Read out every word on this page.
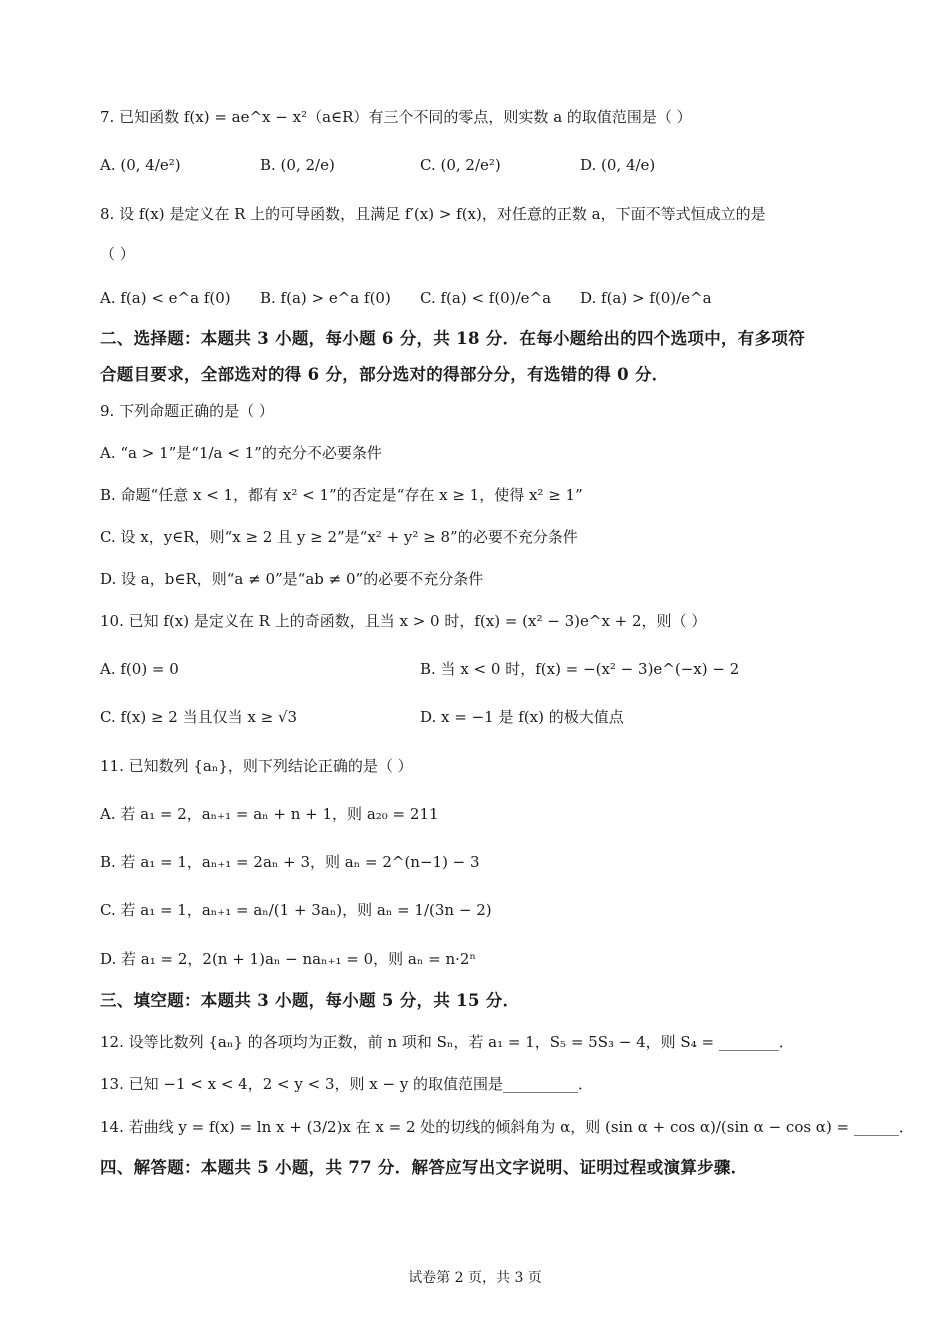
7. 已知函数 f(x) = ae^x − x²（a∈R）有三个不同的零点，则实数 a 的取值范围是（ ）
A. (0, 4/e²)	B. (0, 2/e)	C. (0, 2/e²)	D. (0, 4/e)
8. 设 f(x) 是定义在 R 上的可导函数，且满足 f′(x) > f(x)，对任意的正数 a，下面不等式恒成立的是
（ ）
A. f(a) < e^a f(0) B. f(a) > e^a f(0) C. f(a) < f(0)/e^a D. f(a) > f(0)/e^a
二、选择题：本题共 3 小题，每小题 6 分，共 18 分．在每小题给出的四个选项中，有多项符
合题目要求，全部选对的得 6 分，部分选对的得部分分，有选错的得 0 分．
9. 下列命题正确的是（ ）
A. “a > 1”是“1/a < 1”的充分不必要条件
B. 命题“任意 x < 1，都有 x² < 1”的否定是“存在 x ≥ 1，使得 x² ≥ 1”
C. 设 x，y∈R，则“x ≥ 2 且 y ≥ 2”是“x² + y² ≥ 8”的必要不充分条件
D. 设 a，b∈R，则“a ≠ 0”是“ab ≠ 0”的必要不充分条件
10. 已知 f(x) 是定义在 R 上的奇函数，且当 x > 0 时，f(x) = (x² − 3)e^x + 2，则（ ）
A. f(0) = 0	B. 当 x < 0 时，f(x) = −(x² − 3)e^(−x) − 2
C. f(x) ≥ 2 当且仅当 x ≥ √3	D. x = −1 是 f(x) 的极大值点
11. 已知数列 {aₙ}，则下列结论正确的是（ ）
A. 若 a₁ = 2，aₙ₊₁ = aₙ + n + 1，则 a₂₀ = 211
B. 若 a₁ = 1，aₙ₊₁ = 2aₙ + 3，则 aₙ = 2^(n−1) − 3
C. 若 a₁ = 1，aₙ₊₁ = aₙ/(1 + 3aₙ)，则 aₙ = 1/(3n − 2)
D. 若 a₁ = 2，2(n + 1)aₙ − naₙ₊₁ = 0，则 aₙ = n·2ⁿ
三、填空题：本题共 3 小题，每小题 5 分，共 15 分．
12. 设等比数列 {aₙ} 的各项均为正数，前 n 项和 Sₙ，若 a₁ = 1，S₅ = 5S₃ − 4，则 S₄ = ________．
13. 已知 −1 < x < 4，2 < y < 3，则 x − y 的取值范围是__________．
14. 若曲线 y = f(x) = ln x + (3/2)x 在 x = 2 处的切线的倾斜角为 α，则 (sin α + cos α)/(sin α − cos α) = ______．
四、解答题：本题共 5 小题，共 77 分．解答应写出文字说明、证明过程或演算步骤．
试卷第 2 页，共 3 页
